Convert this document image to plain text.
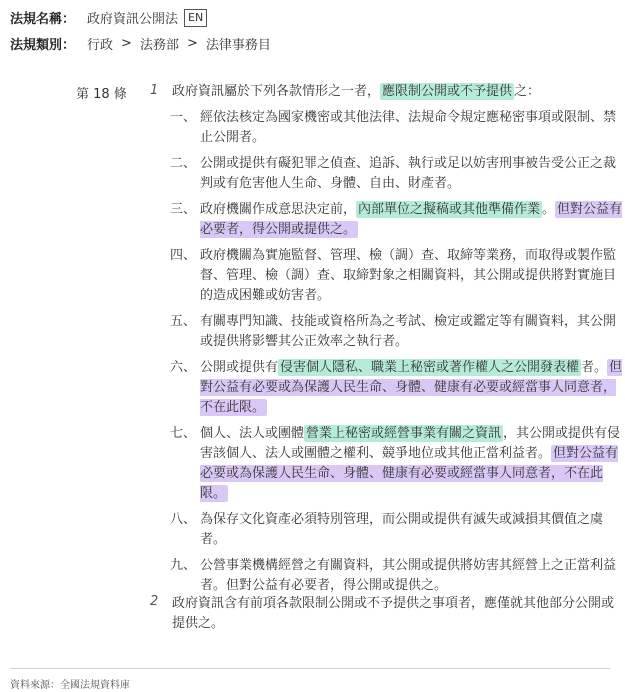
法規名稱： 政府資訊公開法 EN
法規類別： 行政 > 法務部 > 法律事務目
第 18 條 1 政府資訊屬於下列各款情形之一者， 應限制公開或不予提供 之：
一、 經依法核定為國家機密或其他法律、法規命令規定應秘密事項或限制、禁止公開者。
二、 公開或提供有礙犯罪之偵查、追訴、執行或足以妨害刑事被告受公正之裁判或有危害他人生命、身體、自由、財產者。
三、 政府機關作成意思決定前， 內部單位之擬稿或其他準備作業 。 但對公益有必要者，得公開或提供之。
四、 政府機關為實施監督、管理、檢（調）查、取締等業務，而取得或製作監督、管理、檢（調）查、取締對象之相關資料，其公開或提供將對實施目的造成困難或妨害者。
五、 有關專門知識、技能或資格所為之考試、檢定或鑑定等有關資料，其公開或提供將影響其公正效率之執行者。
六、 公開或提供有 侵害個人隱私、職業上秘密或著作權人之公開發表權 者。 但對公益有必要或為保護人民生命、身體、健康有必要或經當事人同意者，不在此限。
七、 個人、法人或團體 營業上秘密或經營事業有關之資訊 ，其公開或提供有侵害該個人、法人或團體之權利、競爭地位或其他正當利益者。 但對公益有必要或為保護人民生命、身體、健康有必要或經當事人同意者，不在此限。
八、 為保存文化資產必須特別管理，而公開或提供有滅失或減損其價值之虞者。
九、 公營事業機構經營之有關資料，其公開或提供將妨害其經營上之正當利益者。但對公益有必要者，得公開或提供之。
2 政府資訊含有前項各款限制公開或不予提供之事項者，應僅就其他部分公開或提供之。
資料來源：全國法規資料庫
